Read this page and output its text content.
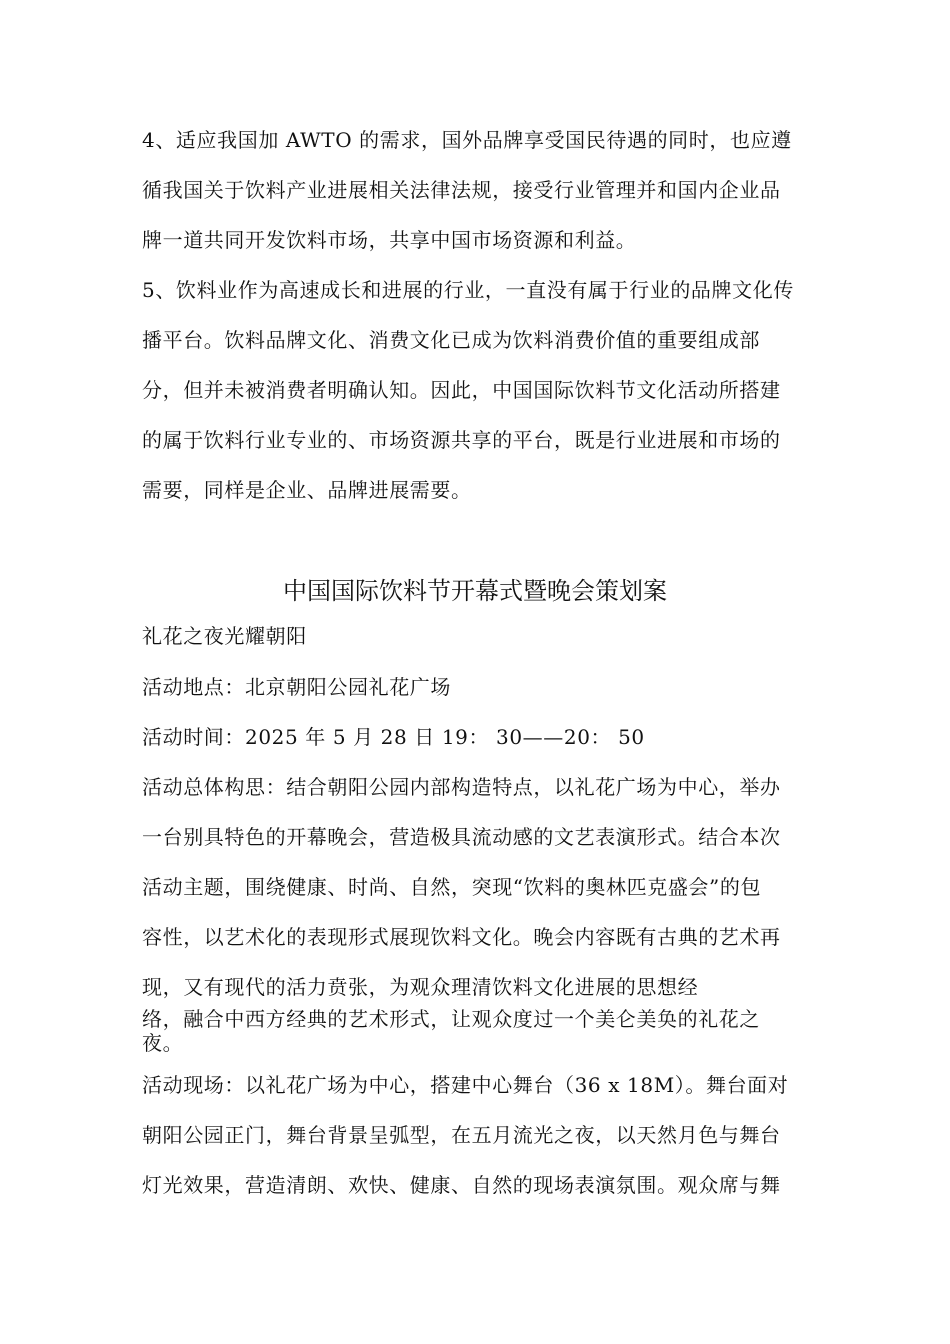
4、适应我国加 AWTO 的需求，国外品牌享受国民待遇的同时，也应遵
循我国关于饮料产业进展相关法律法规，接受行业管理并和国内企业品
牌一道共同开发饮料市场，共享中国市场资源和利益。
5、饮料业作为高速成长和进展的行业，一直没有属于行业的品牌文化传
播平台。饮料品牌文化、消费文化已成为饮料消费价值的重要组成部
分，但并未被消费者明确认知。因此，中国国际饮料节文化活动所搭建
的属于饮料行业专业的、市场资源共享的平台，既是行业进展和市场的
需要，同样是企业、品牌进展需要。
中国国际饮料节开幕式暨晚会策划案
礼花之夜光耀朝阳
活动地点：北京朝阳公园礼花广场
活动时间：2025 年 5 月 28 日 19： 30——20： 50
活动总体构思：结合朝阳公园内部构造特点，以礼花广场为中心，举办
一台别具特色的开幕晚会，营造极具流动感的文艺表演形式。结合本次
活动主题，围绕健康、时尚、自然，突现“饮料的奥林匹克盛会”的包
容性，以艺术化的表现形式展现饮料文化。晚会内容既有古典的艺术再
现，又有现代的活力贲张，为观众理清饮料文化进展的思想经
络，融合中西方经典的艺术形式，让观众度过一个美仑美奂的礼花之
夜。
活动现场：以礼花广场为中心，搭建中心舞台（36 x 18M）。舞台面对
朝阳公园正门，舞台背景呈弧型，在五月流光之夜，以天然月色与舞台
灯光效果，营造清朗、欢快、健康、自然的现场表演氛围。观众席与舞
